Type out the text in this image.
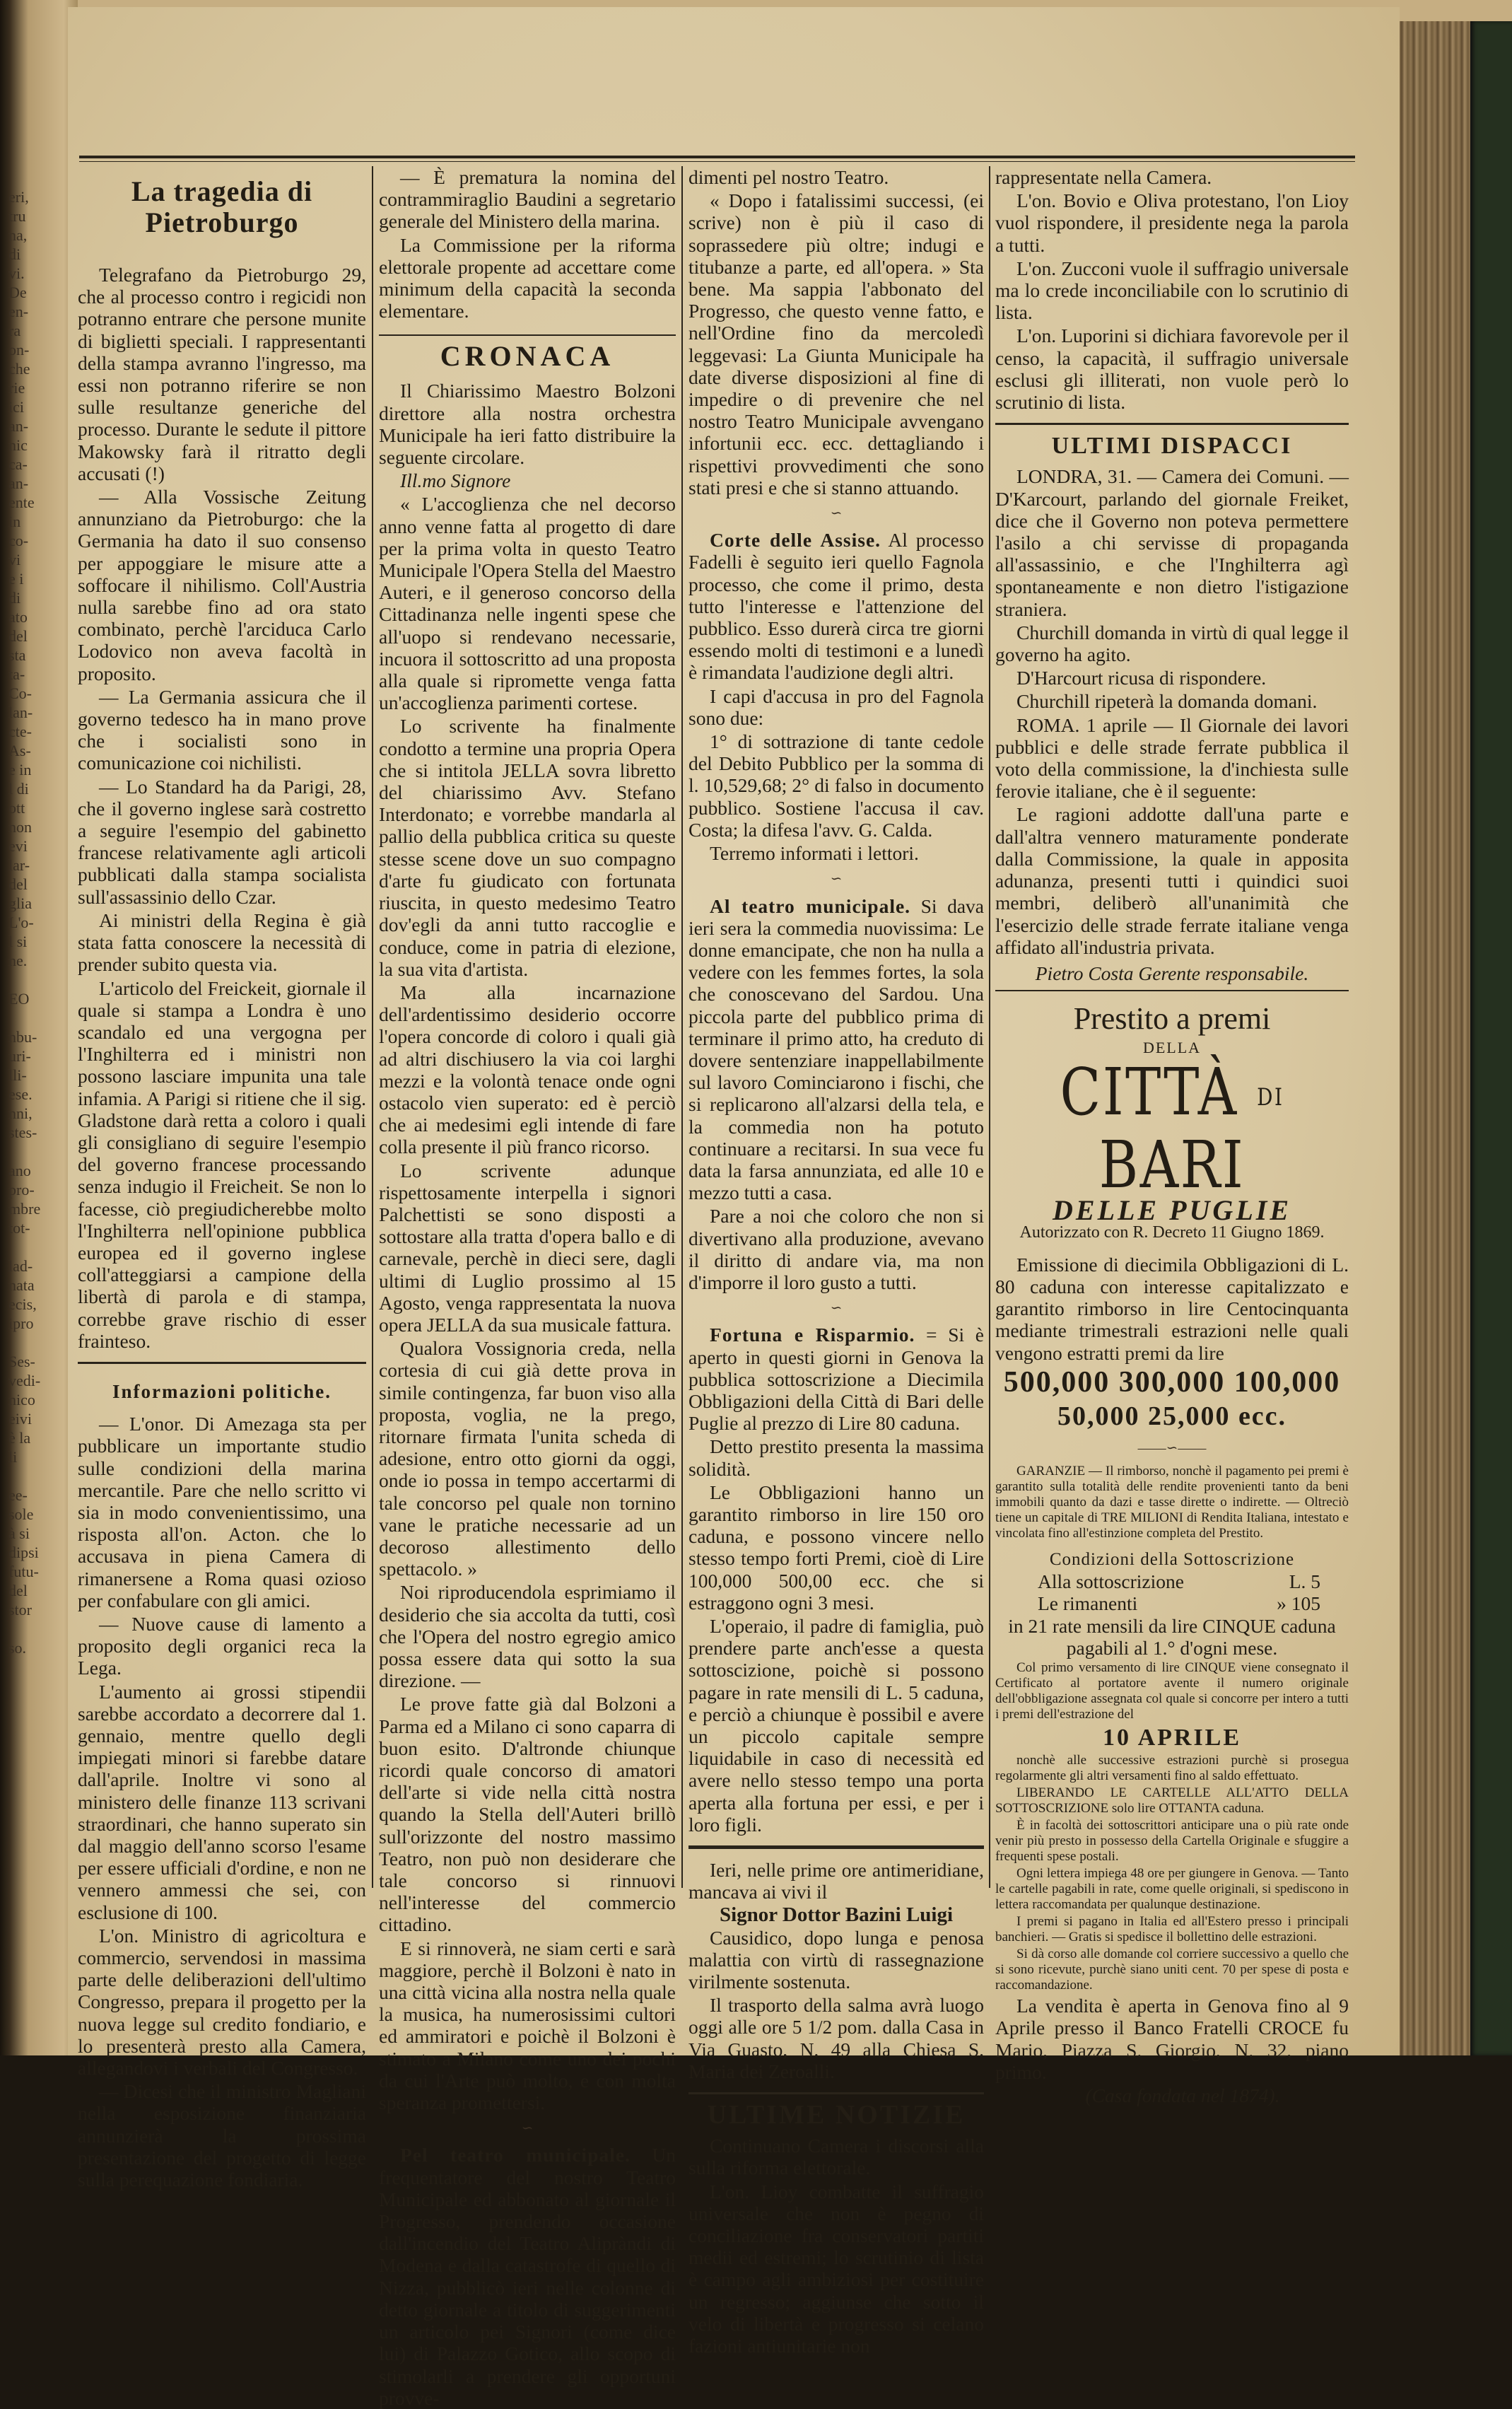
eri,
tru
na,
di
vi.
De
en-
ra
on-
che
rie
ici
an-
nic
ca-
an-
ente
in
co-
vi
e i
di
ato
del
sta
ta-
Co-
lan-
cte-
As-
e in
l di
ott
non
evi
lar-
del
glia
L'o-
l si
ne.

EO

nbu-
uri-
lli-
ese.
nni,
stes-

ano
pro-
mbre
tot-

lad-
nata
ecis,
ipro

Ses-
vedi-
nico
eivi
è la
li

ee-
sole
à si
dipsi
futu-
del
stor

so.
La tragedia di Pietroburgo

Telegrafano da Pietroburgo 29, che al processo contro i regicidi non potranno entrare che persone munite di biglietti speciali. I rappresentanti della stampa avranno l'ingresso, ma essi non potranno riferire se non sulle resultanze generiche del processo. Durante le sedute il pittore Makowsky farà il ritratto degli accusati (!)

— Alla Vossische Zeitung annunziano da Pietroburgo: che la Germania ha dato il suo consenso per appoggiare le misure atte a soffocare il nihilismo. Coll'Austria nulla sarebbe fino ad ora stato combinato, perchè l'arciduca Carlo Lodovico non aveva facoltà in proposito.

— La Germania assicura che il governo tedesco ha in mano prove che i socialisti sono in comunicazione coi nichilisti.

— Lo Standard ha da Parigi, 28, che il governo inglese sarà costretto a seguire l'esempio del gabinetto francese relativamente agli articoli pubblicati dalla stampa socialista sull'assassinio dello Czar.

Ai ministri della Regina è già stata fatta conoscere la necessità di prender subito questa via.

L'articolo del Freickeit, giornale il quale si stampa a Londra è uno scandalo ed una vergogna per l'Inghilterra ed i ministri non possono lasciare impunita una tale infamia. A Parigi si ritiene che il sig. Gladstone darà retta a coloro i quali gli consigliano di seguire l'esempio del governo francese processando senza indugio il Freicheit. Se non lo facesse, ciò pregiudicherebbe molto l'Inghilterra nell'opinione pubblica europea ed il governo inglese coll'atteggiarsi a campione della libertà di parola e di stampa, correbbe grave rischio di esser frainteso.

Informazioni politiche.

— L'onor. Di Amezaga sta per pubblicare un importante studio sulle condizioni della marina mercantile. Pare che nello scritto vi sia in modo convenientissimo, una risposta all'on. Acton. che lo accusava in piena Camera di rimanersene a Roma quasi ozioso per confabulare con gli amici.

— Nuove cause di lamento a proposito degli organici reca la Lega.

L'aumento ai grossi stipendii sarebbe accordato a decorrere dal 1. gennaio, mentre quello degli impiegati minori si farebbe datare dall'aprile. Inoltre vi sono al ministero delle finanze 113 scrivani straordinari, che hanno superato sin dal maggio dell'anno scorso l'esame per essere ufficiali d'ordine, e non ne vennero ammessi che sei, con esclusione di 100.

L'on. Ministro di agricoltura e commercio, servendosi in massima parte delle deliberazioni dell'ultimo Congresso, prepara il progetto per la nuova legge sul credito fondiario, e lo presenterà presto alla Camera, allegandovi i verbali del Congresso.

— Dicesi che il ministro Magliani nella esposizione finanziaria annunzierà la prossima presentazione del progetto di legge sulla perequazione fondiaria.

— È prematura la nomina del contrammiraglio Baudini a segretario generale del Ministero della marina.

La Commissione per la riforma elettorale propente ad accettare come minimum della capacità la seconda elementare.

CRONACA

Il Chiarissimo Maestro Bolzoni direttore alla nostra orchestra Municipale ha ieri fatto distribuire la seguente circolare.

Ill.mo Signore

« L'accoglienza che nel decorso anno venne fatta al progetto di dare per la prima volta in questo Teatro Municipale l'Opera Stella del Maestro Auteri, e il generoso concorso della Cittadinanza nelle ingenti spese che all'uopo si rendevano necessarie, incuora il sottoscritto ad una proposta alla quale si ripromette venga fatta un'accoglienza parimenti cortese.

Lo scrivente ha finalmente condotto a termine una propria Opera che si intitola JELLA sovra libretto del chiarissimo Avv. Stefano Interdonato; e vorrebbe mandarla al pallio della pubblica critica su queste stesse scene dove un suo compagno d'arte fu giudicato con fortunata riuscita, in questo medesimo Teatro dov'egli da anni tutto raccoglie e conduce, come in patria di elezione, la sua vita d'artista.

Ma alla incarnazione dell'ardentissimo desiderio occorre l'opera concorde di coloro i quali già ad altri dischiusero la via coi larghi mezzi e la volontà tenace onde ogni ostacolo vien superato: ed è perciò che ai medesimi egli intende di fare colla presente il più franco ricorso.

Lo scrivente adunque rispettosamente interpella i signori Palchettisti se sono disposti a sottostare alla tratta d'opera ballo e di carnevale, perchè in dieci sere, dagli ultimi di Luglio prossimo al 15 Agosto, venga rappresentata la nuova opera JELLA da sua musicale fattura.

Qualora Vossignoria creda, nella cortesia di cui già dette prova in simile contingenza, far buon viso alla proposta, voglia, ne la prego, ritornare firmata l'unita scheda di adesione, entro otto giorni da oggi, onde io possa in tempo accertarmi di tale concorso pel quale non tornino vane le pratiche necessarie ad un decoroso allestimento dello spettacolo. »

Noi riproducendola esprimiamo il desiderio che sia accolta da tutti, così che l'Opera del nostro egregio amico possa essere data qui sotto la sua direzione. —

Le prove fatte già dal Bolzoni a Parma ed a Milano ci sono caparra di buon esito. D'altronde chiunque ricordi quale concorso di amatori dell'arte si vide nella città nostra quando la Stella dell'Auteri brillò sull'orizzonte del nostro massimo Teatro, non può non desiderare che tale concorso si rinnuovi nell'interesse del commercio cittadino.

E si rinnoverà, ne siam certi e sarà maggiore, perchè il Bolzoni è nato in una città vicina alla nostra nella quale la musica, ha numerosissimi cultori ed ammiratori e poichè il Bolzoni è stimato a Milano come uno dei pochi da cui l'Arte può molto, e con molta speranza promettersi.

∽

Pel teatro municipale. Un frequentatore del nostro Teatro Municipale ed abbonato al giornale il Progresso, prendendo occasione dall'incendio del Teatro Alipràndi di Modena e dalla catastrofe di quello di Nizza, pubblicò ieri nelle colonne di detto giornale a titolo di suggerimenti un articolo pei Signori (come dice lui) di Palazzo Gotico, allo scopo di stimolarli a prendere gli opportuni provve-

dimenti pel nostro Teatro.

« Dopo i fatalissimi successi, (ei scrive) non è più il caso di soprassedere più oltre; indugi e titubanze a parte, ed all'opera. » Sta bene. Ma sappia l'abbonato del Progresso, che questo venne fatto, e nell'Ordine fino da mercoledì leggevasi: La Giunta Municipale ha date diverse disposizioni al fine di impedire o di prevenire che nel nostro Teatro Municipale avvengano infortunii ecc. ecc. dettagliando i rispettivi provvedimenti che sono stati presi e che si stanno attuando.

∽

Corte delle Assise. Al processo Fadelli è seguito ieri quello Fagnola processo, che come il primo, desta tutto l'interesse e l'attenzione del pubblico. Esso durerà circa tre giorni essendo molti di testimoni e a lunedì è rimandata l'audizione degli altri.

I capi d'accusa in pro del Fagnola sono due:

1° di sottrazione di tante cedole del Debito Pubblico per la somma di l. 10,529,68; 2° di falso in documento pubblico. Sostiene l'accusa il cav. Costa; la difesa l'avv. G. Calda.

Terremo informati i lettori.

∽

Al teatro municipale. Si dava ieri sera la commedia nuovissima: Le donne emancipate, che non ha nulla a vedere con les femmes fortes, la sola che conoscevano del Sardou. Una piccola parte del pubblico prima di terminare il primo atto, ha creduto di dovere sentenziare inappellabilmente sul lavoro Cominciarono i fischi, che si replicarono all'alzarsi della tela, e la commedia non ha potuto continuare a recitarsi. In sua vece fu data la farsa annunziata, ed alle 10 e mezzo tutti a casa.

Pare a noi che coloro che non si divertivano alla produzione, avevano il diritto di andare via, ma non d'imporre il loro gusto a tutti.

∽

Fortuna e Risparmio. = Si è aperto in questi giorni in Genova la pubblica sottoscrizione a Diecimila Obbligazioni della Città di Bari delle Puglie al prezzo di Lire 80 caduna.

Detto prestito presenta la massima solidità.

Le Obbligazioni hanno un garantito rimborso in lire 150 oro caduna, e possono vincere nello stesso tempo forti Premi, cioè di Lire 100,000 500,00 ecc. che si estraggono ogni 3 mesi.

L'operaio, il padre di famiglia, può prendere parte anch'esse a questa sottoscizione, poichè si possono pagare in rate mensili di L. 5 caduna, e perciò a chiunque è possibil e avere un piccolo capitale sempre liquidabile in caso di necessità ed avere nello stesso tempo una porta aperta alla fortuna per essi, e per i loro figli.

Ieri, nelle prime ore antimeridiane, mancava ai vivi il

Signor Dottor Bazini Luigi

Causidico, dopo lunga e penosa malattia con virtù di rassegnazione virilmente sostenuta.

Il trasporto della salma avrà luogo oggi alle ore 5 1/2 pom. dalla Casa in Via Guasto, N. 49 alla Chiesa S. Maria dei Zeroalli.

ULTIME NOTIZIE

Continuano Camera i discorsi alla sulla riforma elettorale.

L'on. Lioy combatte il suffragio universale che non è pegno di conciliazione fra conservatori partiti medii ed estremi; lo scrutinio di lista è campo agli ambiziosi per costituire un regresso; aggiunse che sotto il velo di libertà e progresso si celano fazioni antiunitarie non

rappresentate nella Camera.

L'on. Bovio e Oliva protestano, l'on Lioy vuol rispondere, il presidente nega la parola a tutti.

L'on. Zucconi vuole il suffragio universale ma lo crede inconciliabile con lo scrutinio di lista.

L'on. Luporini si dichiara favorevole per il censo, la capacità, il suffragio universale esclusi gli illiterati, non vuole però lo scrutinio di lista.

ULTIMI DISPACCI

LONDRA, 31. — Camera dei Comuni. — D'Karcourt, parlando del giornale Freiket, dice che il Governo non poteva permettere l'asilo a chi servisse di propaganda all'assassinio, e che l'Inghilterra agì spontaneamente e non dietro l'istigazione straniera.

Churchill domanda in virtù di qual legge il governo ha agito.

D'Harcourt ricusa di rispondere.

Churchill ripeterà la domanda domani.

ROMA. 1 aprile — Il Giornale dei lavori pubblici e delle strade ferrate pubblica il voto della commissione, la d'inchiesta sulle ferovie italiane, che è il seguente:

Le ragioni addotte dall'una parte e dall'altra vennero maturamente ponderate dalla Commissione, la quale in apposita adunanza, presenti tutti i quindici suoi membri, deliberò all'unanimità che l'esercizio delle strade ferrate italiane venga affidato all'industria privata.

Pietro Costa Gerente responsabile.
Prestito a premi
DELLA
CITTÀ DI BARI
DELLE PUGLIE
Autorizzato con R. Decreto 11 Giugno 1869.

Emissione di diecimila Obbligazioni di L. 80 caduna con interesse capitalizzato e garantito rimborso in lire Centocinquanta mediante trimestrali estrazioni nelle quali vengono estratti premi da lire

500,000 300,000 100,000
50,000 25,000 ecc.
——∽——

GARANZIE — Il rimborso, nonchè il pagamento pei premi è garantito sulla totalità delle rendite provenienti tanto da beni immobili quanto da dazi e tasse dirette o indirette. — Oltreciò tiene un capitale di TRE MILIONI di Rendita Italiana, intestato e vincolata fino all'estinzione completa del Prestito.

Condizioni della Sottoscrizione
Alla sottoscrizione	L. 5
Le rimanenti	» 105

in 21 rate mensili da lire CINQUE caduna pagabili al 1.° d'ogni mese.

Col primo versamento di lire CINQUE viene consegnato il Certificato al portatore avente il numero originale dell'obbligazione assegnata col quale si concorre per intero a tutti i premi dell'estrazione del

10 APRILE

nonchè alle successive estrazioni purchè si prosegua regolarmente gli altri versamenti fino al saldo effettuato.

LIBERANDO LE CARTELLE ALL'ATTO DELLA SOTTOSCRIZIONE solo lire OTTANTA caduna.

È in facoltà dei sottoscrittori anticipare una o più rate onde venir più presto in possesso della Cartella Originale e sfuggire a frequenti spese postali.

Ogni lettera impiega 48 ore per giungere in Genova. — Tanto le cartelle pagabili in rate, come quelle originali, si spediscono in lettera raccomandata per qualunque destinazione.

I premi si pagano in Italia ed all'Estero presso i principali banchieri. — Gratis si spedisce il bollettino delle estrazioni.

Si dà corso alle domande col corriere successivo a quello che si sono ricevute, purchè siano uniti cent. 70 per spese di posta e raccomandazione.

La vendita è aperta in Genova fino al 9 Aprile presso il Banco Fratelli CROCE fu Mario, Piazza S. Giorgio, N. 32, piano primo.

(Casa fondata nel 1874).
